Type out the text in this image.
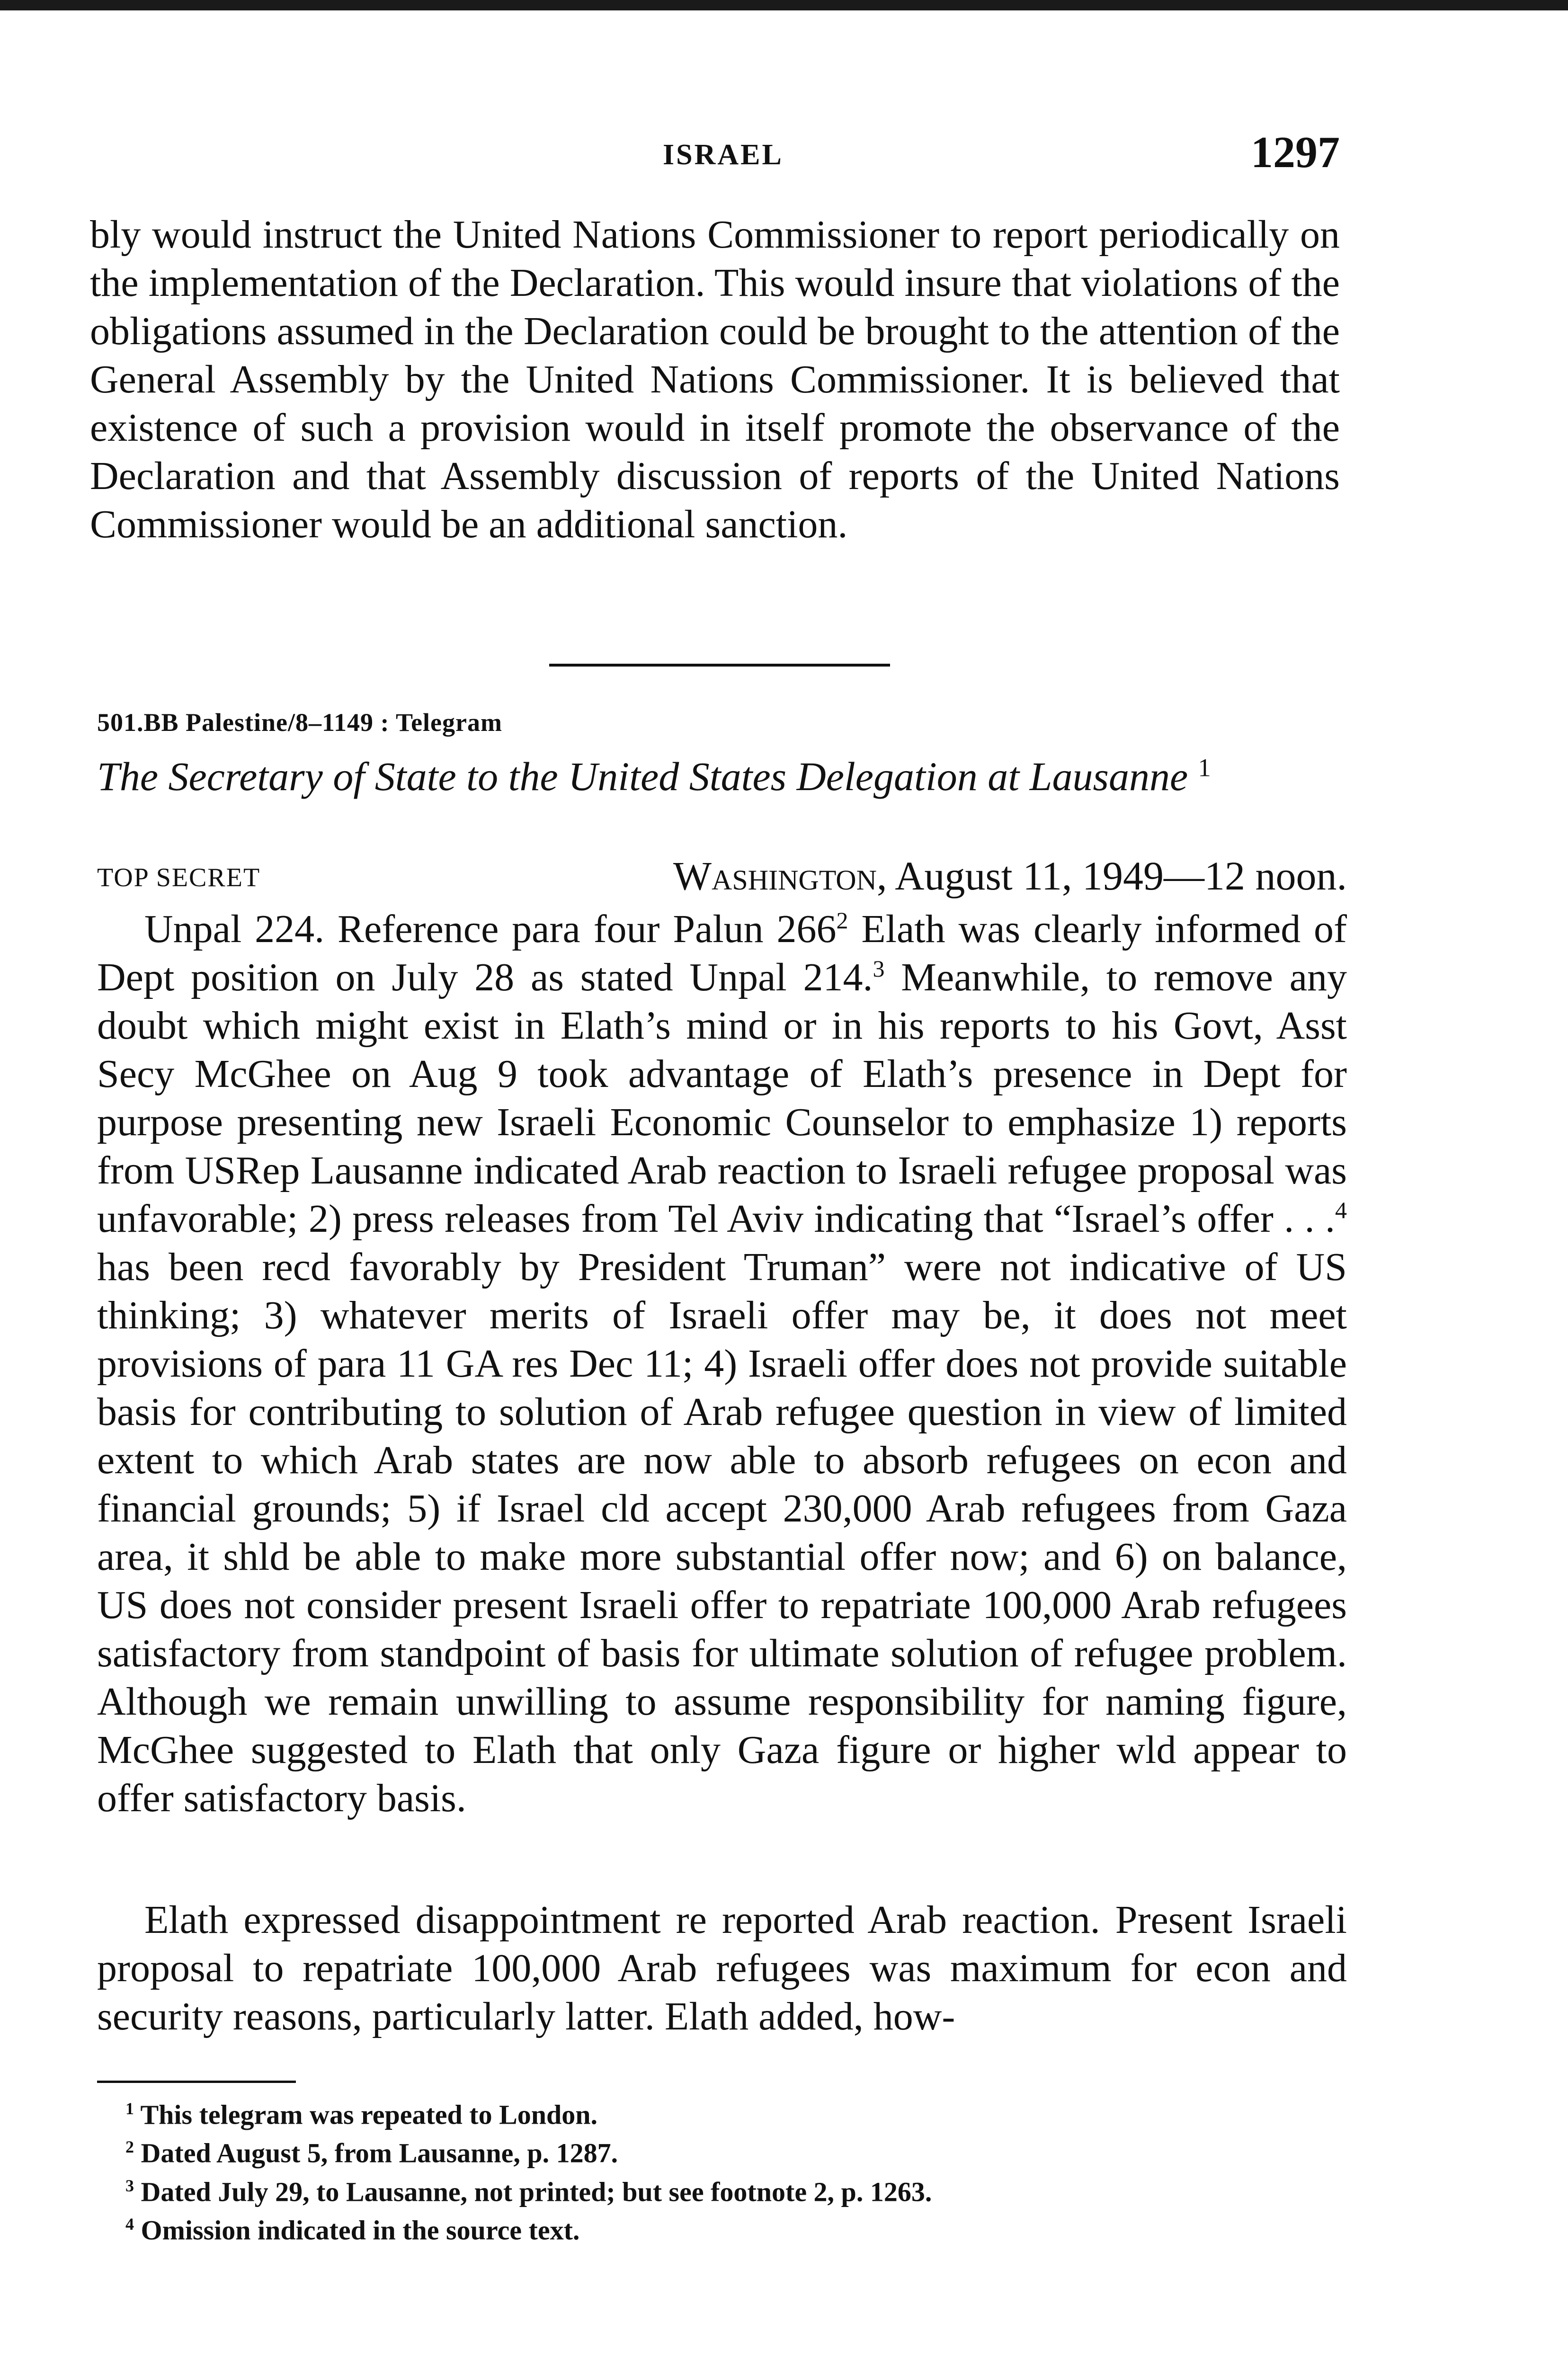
ISRAEL	1297

bly would instruct the United Nations Commissioner to report periodically on the implementation of the Declaration. This would insure that violations of the obligations assumed in the Declaration could be brought to the attention of the General Assembly by the United Nations Commissioner. It is believed that existence of such a provision would in itself promote the observance of the Declaration and that Assembly discussion of reports of the United Nations Commissioner would be an additional sanction.

501.BB Palestine/8–1149 : Telegram
The Secretary of State to the United States Delegation at Lausanne $^1$
TOP SECRET	Washington, August 11, 1949—12 noon.

Unpal 224. Reference para four Palun $266^2$ Elath was clearly informed of Dept position on July 28 as stated Unpal 214.$^3$ Meanwhile, to remove any doubt which might exist in Elath’s mind or in his reports to his Govt, Asst Secy McGhee on Aug 9 took advantage of Elath’s presence in Dept for purpose presenting new Israeli Economic Counselor to emphasize 1) reports from USRep Lausanne indicated Arab reaction to Israeli refugee proposal was unfavorable; 2) press releases from Tel Aviv indicating that “Israel’s offer . . .$^4$ has been recd favorably by President Truman” were not indicative of US thinking; 3) whatever merits of Israeli offer may be, it does not meet provisions of para 11 GA res Dec 11; 4) Israeli offer does not provide suitable basis for contributing to solution of Arab refugee question in view of limited extent to which Arab states are now able to absorb refugees on econ and financial grounds; 5) if Israel cld accept 230,000 Arab refugees from Gaza area, it shld be able to make more substantial offer now; and 6) on balance, US does not consider present Israeli offer to repatriate 100,000 Arab refugees satisfactory from standpoint of basis for ultimate solution of refugee problem. Although we remain unwilling to assume responsibility for naming figure, McGhee suggested to Elath that only Gaza figure or higher wld appear to offer satisfactory basis.

Elath expressed disappointment re reported Arab reaction. Present Israeli proposal to repatriate 100,000 Arab refugees was maximum for econ and security reasons, particularly latter. Elath added, how-

$^1$ This telegram was repeated to London.
$^2$ Dated August 5, from Lausanne, p. 1287.
$^3$ Dated July 29, to Lausanne, not printed; but see footnote 2, p. 1263.
$^4$ Omission indicated in the source text.
